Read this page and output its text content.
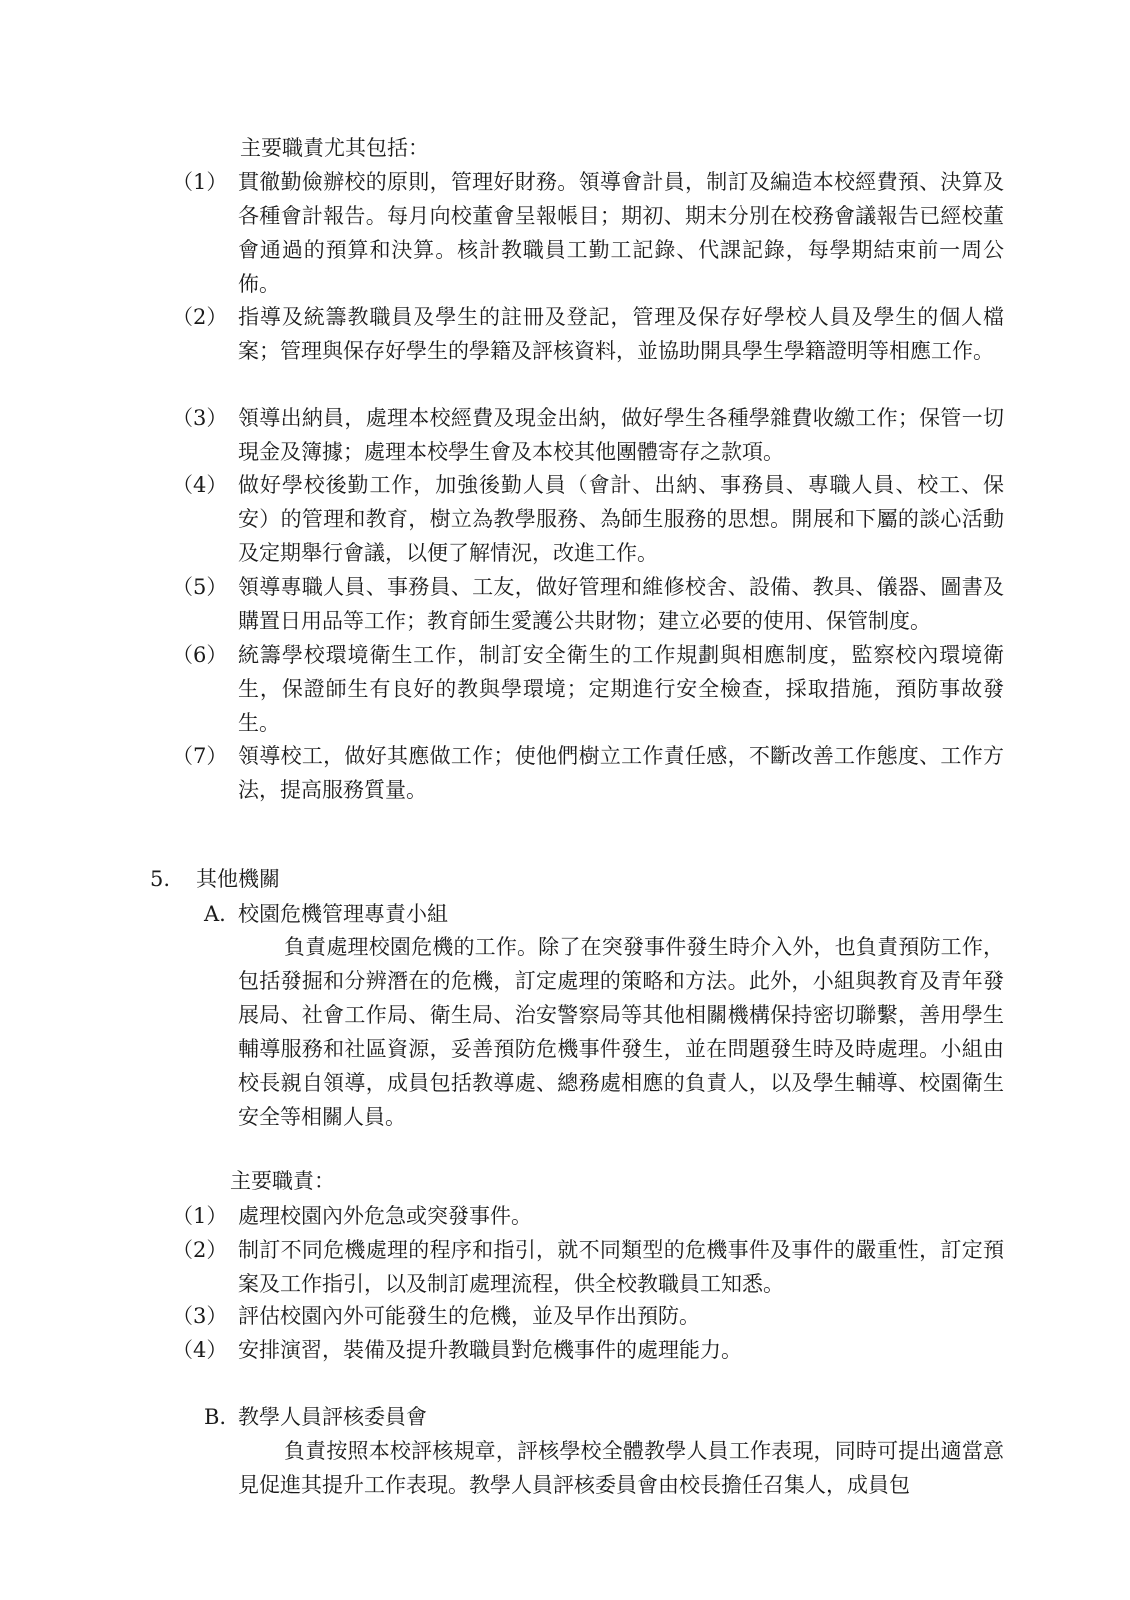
主要職責尤其包括：
（1） 貫徹勤儉辦校的原則，管理好財務。領導會計員，制訂及編造本校經費預、決算及各種會計報告。每月向校董會呈報帳目；期初、期末分別在校務會議報告已經校董會通過的預算和決算。核計教職員工勤工記錄、代課記錄，每學期結束前一周公佈。

（2） 指導及統籌教職員及學生的註冊及登記，管理及保存好學校人員及學生的個人檔案；管理與保存好學生的學籍及評核資料，並協助開具學生學籍證明等相應工作。

（3） 領導出納員，處理本校經費及現金出納，做好學生各種學雜費收繳工作；保管一切現金及簿據；處理本校學生會及本校其他團體寄存之款項。

（4） 做好學校後勤工作，加強後勤人員（會計、出納、事務員、專職人員、校工、保安）的管理和教育，樹立為教學服務、為師生服務的思想。開展和下屬的談心活動及定期舉行會議，以便了解情況，改進工作。

（5） 領導專職人員、事務員、工友，做好管理和維修校舍、設備、教具、儀器、圖書及購置日用品等工作；教育師生愛護公共財物；建立必要的使用、保管制度。

（6） 統籌學校環境衛生工作，制訂安全衛生的工作規劃與相應制度，監察校內環境衛生，保證師生有良好的教與學環境；定期進行安全檢查，採取措施，預防事故發生。

（7） 領導校工，做好其應做工作；使他們樹立工作責任感，不斷改善工作態度、工作方法，提高服務質量。

5. 其他機關
A. 校園危機管理專責小組

負責處理校園危機的工作。除了在突發事件發生時介入外，也負責預防工作，包括發掘和分辨潛在的危機，訂定處理的策略和方法。此外，小組與教育及青年發展局、社會工作局、衛生局、治安警察局等其他相關機構保持密切聯繫，善用學生輔導服務和社區資源，妥善預防危機事件發生，並在問題發生時及時處理。小組由校長親自領導，成員包括教導處、總務處相應的負責人，以及學生輔導、校園衛生安全等相關人員。

主要職責：
（1） 處理校園內外危急或突發事件。

（2） 制訂不同危機處理的程序和指引，就不同類型的危機事件及事件的嚴重性，訂定預案及工作指引，以及制訂處理流程，供全校教職員工知悉。

（3） 評估校園內外可能發生的危機，並及早作出預防。

（4） 安排演習，裝備及提升教職員對危機事件的處理能力。

B. 教學人員評核委員會

負責按照本校評核規章，評核學校全體教學人員工作表現，同時可提出適當意見促進其提升工作表現。教學人員評核委員會由校長擔任召集人，成員包
